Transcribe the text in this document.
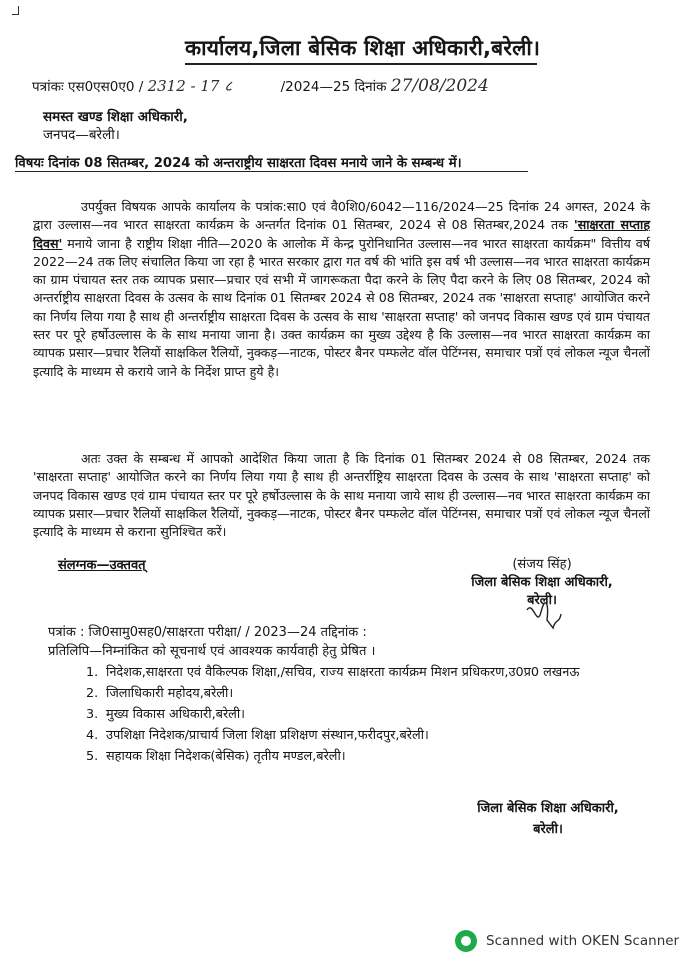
कार्यालय,जिला बेसिक शिक्षा अधिकारी,बरेली।
पत्रांकः एस0एस0ए0 / 2312 - 17 ८	/2024—25 दिनांक 27/08/2024
समस्त खण्ड शिक्षा अधिकारी,
जनपद—बरेली।
विषयः दिनांक 08 सितम्बर, 2024 को अन्तराष्ट्रीय साक्षरता दिवस मनाये जाने के सम्बन्ध में।
उपर्युक्त विषयक आपके कार्यालय के पत्रांक:सा0 एवं वै0शि0/6042—116/2024—25 दिनांक 24 अगस्त, 2024 के द्वारा उल्लास—नव भारत साक्षरता कार्यक्रम के अन्तर्गत दिनांक 01 सितम्बर, 2024 से 08 सितम्बर,2024 तक 'साक्षरता सप्ताह दिवस' मनाये जाना है राष्ट्रीय शिक्षा नीति—2020 के आलोक में केन्द्र पुरोनिधानित उल्लास—नव भारत साक्षरता कार्यक्रम" वित्तीय वर्ष 2022—24 तक लिए संचालित किया जा रहा है भारत सरकार द्वारा गत वर्ष की भांति इस वर्ष भी उल्लास—नव भारत साक्षरता कार्यक्रम का ग्राम पंचायत स्तर तक व्यापक प्रसार—प्रचार एवं सभी में जागरूकता पैदा करने के लिए पैदा करने के लिए 08 सितम्बर, 2024 को अन्तर्राष्ट्रीय साक्षरता दिवस के उत्सव के साथ दिनांक 01 सितम्बर 2024 से 08 सितम्बर, 2024 तक 'साक्षरता सप्ताह' आयोजित करने का निर्णय लिया गया है साथ ही अन्तर्राष्ट्रीय साक्षरता दिवस के उत्सव के साथ 'साक्षरता सप्ताह' को जनपद विकास खण्ड एवं ग्राम पंचायत स्तर पर पूरे हर्षोउल्लास के के साथ मनाया जाना है। उक्त कार्यक्रम का मुख्य उद्देश्य है कि उल्लास—नव भारत साक्षरता कार्यक्रम का व्यापक प्रसार—प्रचार रैलियों साक्षकिल रैलियों, नुक्कड़—नाटक, पोस्टर बैनर पम्फलेट वॉल पेटिंग्नस, समाचार पत्रों एवं लोकल न्यूज चैनलों इत्यादि के माध्यम से कराये जाने के निर्देश प्राप्त हुये है।
अतः उक्त के सम्बन्ध में आपको आदेशित किया जाता है कि दिनांक 01 सितम्बर 2024 से 08 सितम्बर, 2024 तक 'साक्षरता सप्ताह' आयोजित करने का निर्णय लिया गया है साथ ही अन्तर्राष्ट्रिय साक्षरता दिवस के उत्सव के साथ 'साक्षरता सप्ताह' को जनपद विकास खण्ड एवं ग्राम पंचायत स्तर पर पूरे हर्षोउल्लास के के साथ मनाया जाये साथ ही उल्लास—नव भारत साक्षरता कार्यक्रम का व्यापक प्रसार—प्रचार रैलियों साक्षकिल रैलियों, नुक्कड़—नाटक, पोस्टर बैनर पम्फलेट वॉल पेटिंग्नस, समाचार पत्रों एवं लोकल न्यूज चैनलों इत्यादि के माध्यम से कराना सुनिश्चित करें।
संलग्नक—उक्तवत्	(संजय सिंह)
जिला बेसिक शिक्षा अधिकारी,
बरेली।
पत्रांक : जि0सामु0सह0/साक्षरता परीक्षा/ / 2023—24 तद्दिनांक :
प्रतिलिपि—निम्नांकित को सूचनार्थ एवं आवश्यक कार्यवाही हेतु प्रेषित ।
1. निदेशक,साक्षरता एवं वैकिल्पक शिक्षा,/सचिव, राज्य साक्षरता कार्यक्रम मिशन प्रधिकरण,उ0प्र0 लखनऊ
2. जिलाधिकारी महोदय,बरेली।
3. मुख्य विकास अधिकारी,बरेली।
4. उपशिक्षा निदेशक/प्राचार्य जिला शिक्षा प्रशिक्षण संस्थान,फरीदपुर,बरेली।
5. सहायक शिक्षा निदेशक(बेसिक) तृतीय मण्डल,बरेली।
जिला बेसिक शिक्षा अधिकारी,
बरेली।
Scanned with OKEN Scanner
